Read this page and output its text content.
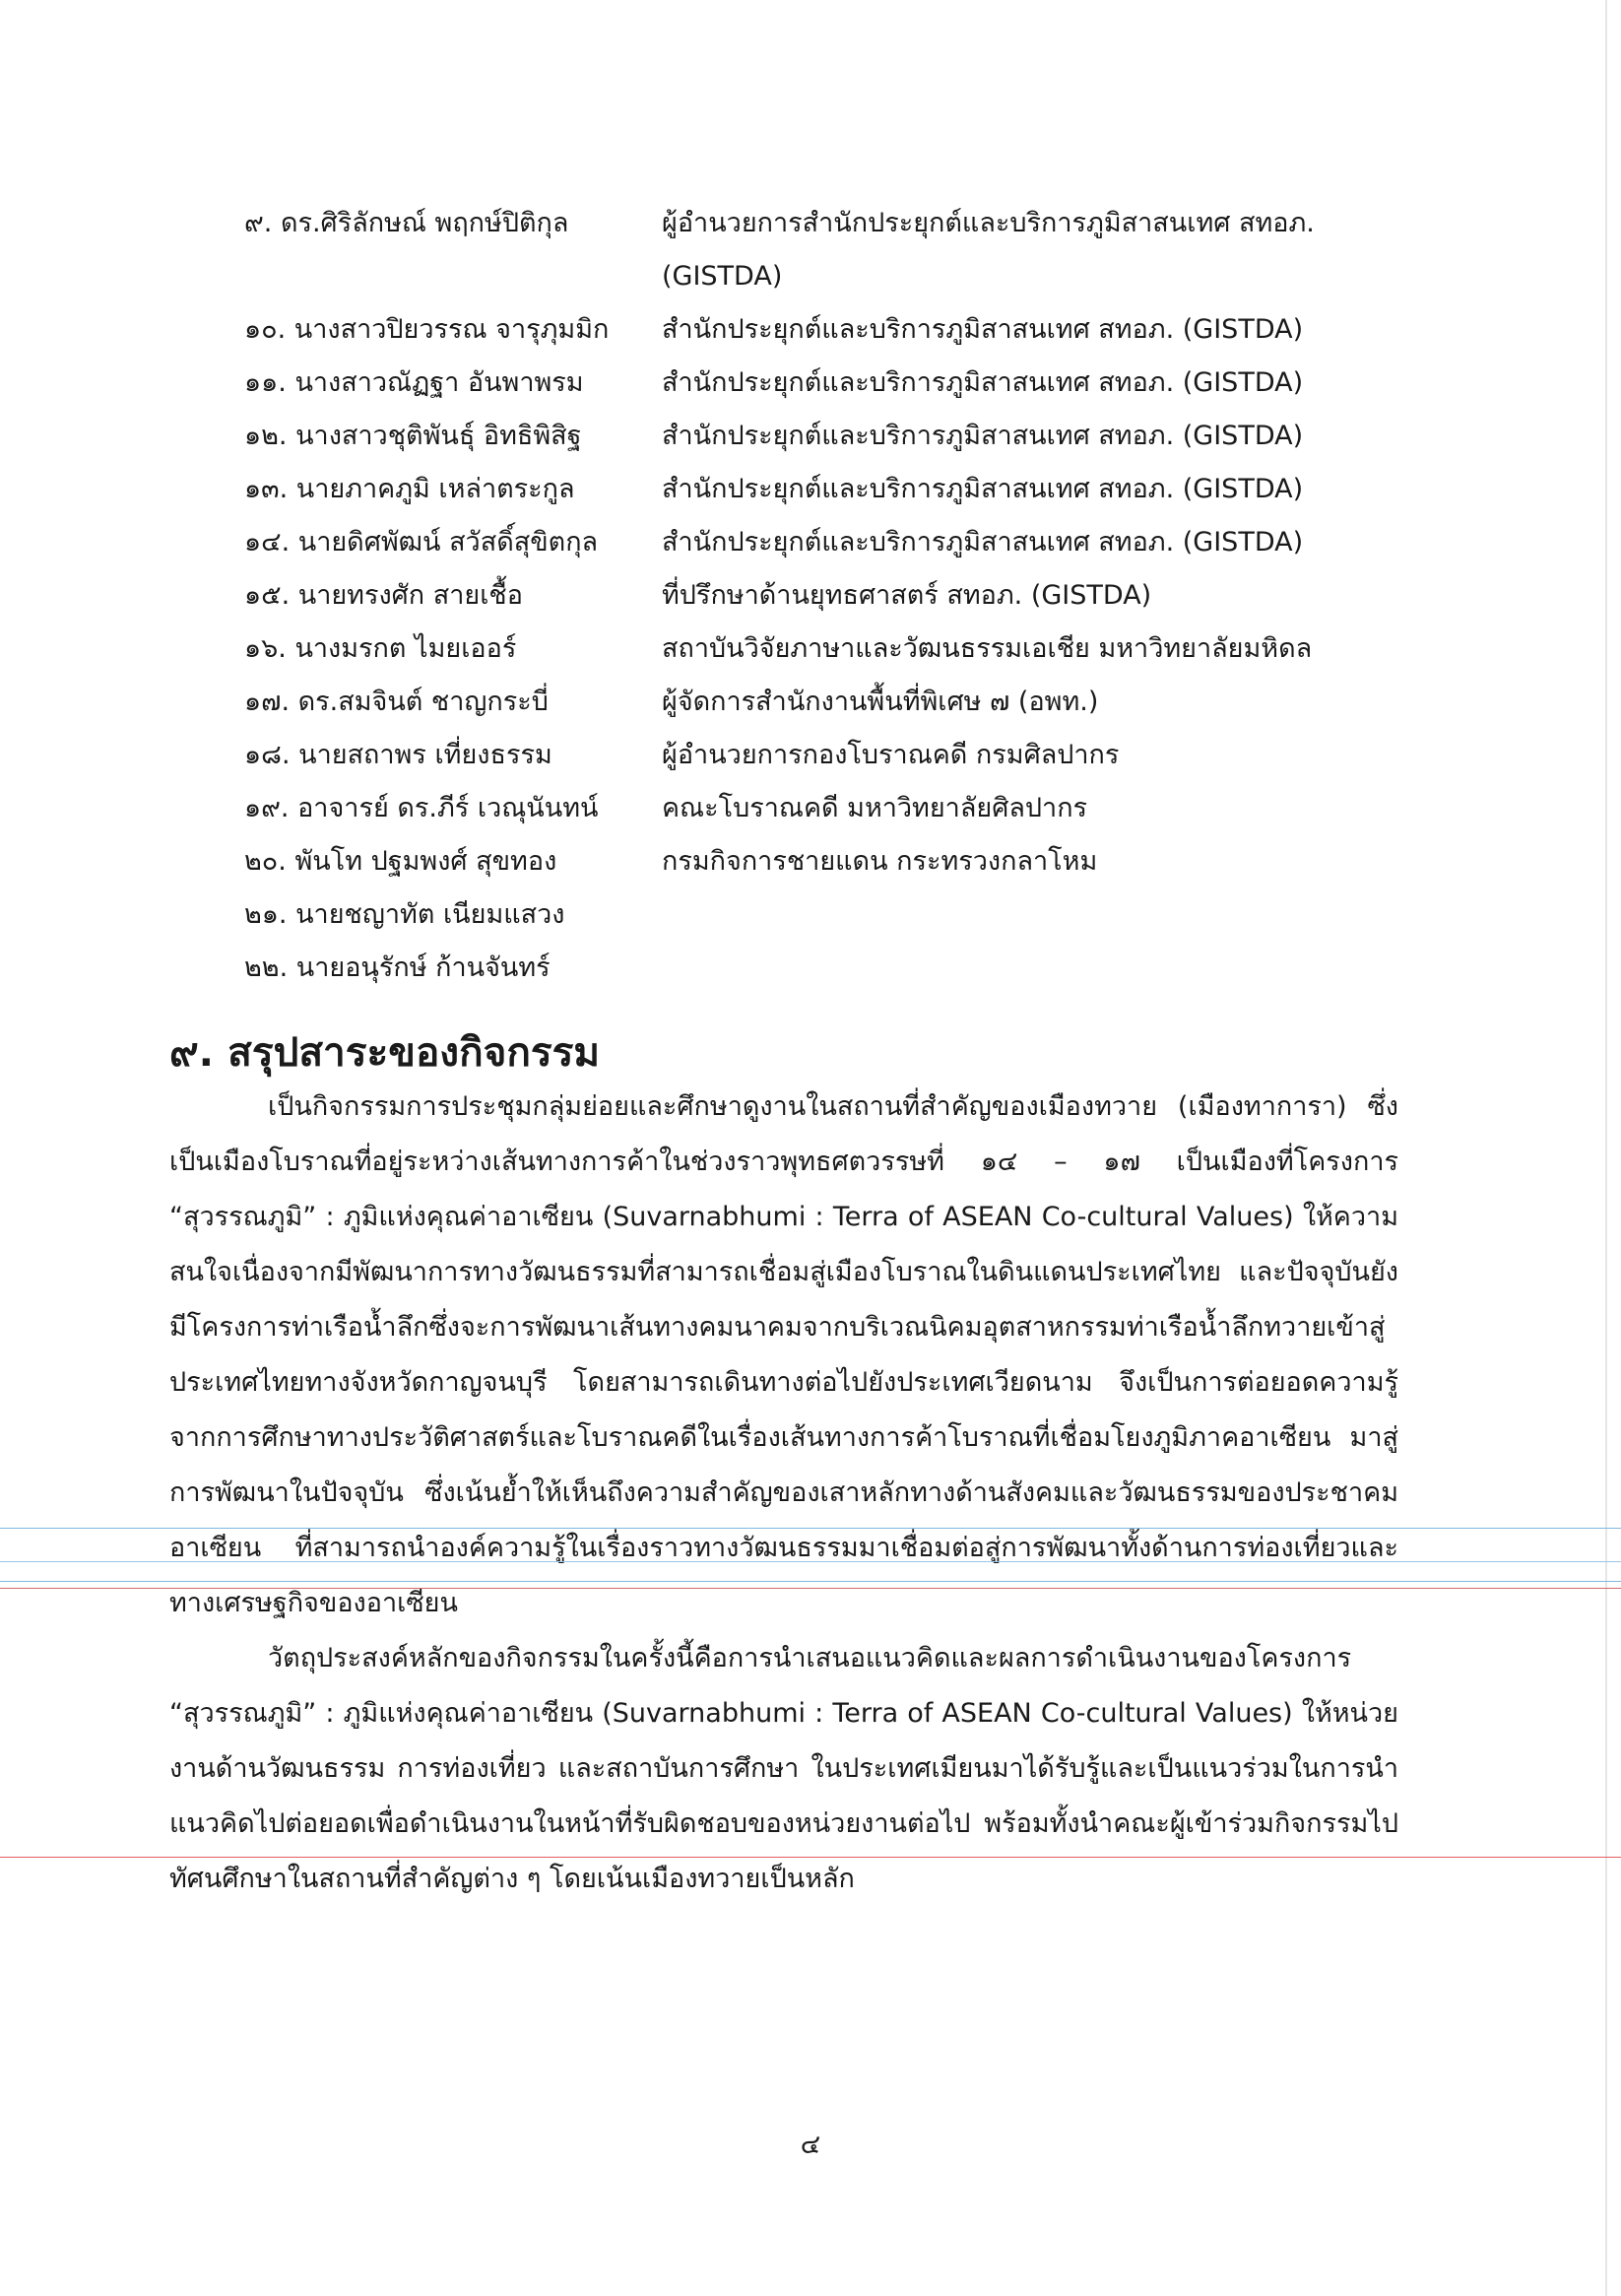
๙. ดร.ศิริลักษณ์ พฤกษ์ปิติกุล	ผู้อำนวยการสำนักประยุกต์และบริการภูมิสาสนเทศ สทอภ.
(GISTDA)
๑๐. นางสาวปิยวรรณ จารุภุมมิก	สำนักประยุกต์และบริการภูมิสาสนเทศ สทอภ. (GISTDA)
๑๑. นางสาวณัฏฐา อันพาพรม	สำนักประยุกต์และบริการภูมิสาสนเทศ สทอภ. (GISTDA)
๑๒. นางสาวชุติพันธุ์ อิทธิพิสิฐ	สำนักประยุกต์และบริการภูมิสาสนเทศ สทอภ. (GISTDA)
๑๓. นายภาคภูมิ เหล่าตระกูล	สำนักประยุกต์และบริการภูมิสาสนเทศ สทอภ. (GISTDA)
๑๔. นายดิศพัฒน์ สวัสดิ์สุขิตกุล	สำนักประยุกต์และบริการภูมิสาสนเทศ สทอภ. (GISTDA)
๑๕. นายทรงศัก สายเชื้อ	ที่ปรึกษาด้านยุทธศาสตร์ สทอภ. (GISTDA)
๑๖. นางมรกต ไมยเออร์	สถาบันวิจัยภาษาและวัฒนธรรมเอเชีย มหาวิทยาลัยมหิดล
๑๗. ดร.สมจินต์ ชาญกระบี่	ผู้จัดการสำนักงานพื้นที่พิเศษ ๗ (อพท.)
๑๘. นายสถาพร เที่ยงธรรม	ผู้อำนวยการกองโบราณคดี กรมศิลปากร
๑๙. อาจารย์ ดร.ภีร์ เวณุนันทน์	คณะโบราณคดี มหาวิทยาลัยศิลปากร
๒๐. พันโท ปฐมพงศ์ สุขทอง	กรมกิจการชายแดน กระทรวงกลาโหม
๒๑. นายชญาทัต เนียมแสวง
๒๒. นายอนุรักษ์ ก้านจันทร์
๙. สรุปสาระของกิจกรรม

เป็นกิจกรรมการประชุมกลุ่มย่อยและศึกษาดูงานในสถานที่สำคัญของเมืองทวาย (เมืองทาการา) ซึ่งเป็นเมืองโบราณที่อยู่ระหว่างเส้นทางการค้าในช่วงราวพุทธศตวรรษที่ ๑๔ – ๑๗ เป็นเมืองที่โครงการ “สุวรรณภูมิ” : ภูมิแห่งคุณค่าอาเซียน (Suvarnabhumi : Terra of ASEAN Co-cultural Values) ให้ความสนใจเนื่องจากมีพัฒนาการทางวัฒนธรรมที่สามารถเชื่อมสู่เมืองโบราณในดินแดนประเทศไทย และปัจจุบันยังมีโครงการท่าเรือน้ำลึกซึ่งจะการพัฒนาเส้นทางคมนาคมจากบริเวณนิคมอุตสาหกรรมท่าเรือน้ำลึกทวายเข้าสู่ประเทศไทยทางจังหวัดกาญจนบุรี โดยสามารถเดินทางต่อไปยังประเทศเวียดนาม จึงเป็นการต่อยอดความรู้จากการศึกษาทางประวัติศาสตร์และโบราณคดีในเรื่องเส้นทางการค้าโบราณที่เชื่อมโยงภูมิภาคอาเซียน มาสู่การพัฒนาในปัจจุบัน ซึ่งเน้นย้ำให้เห็นถึงความสำคัญของเสาหลักทางด้านสังคมและวัฒนธรรมของประชาคมอาเซียน ที่สามารถนำองค์ความรู้ในเรื่องราวทางวัฒนธรรมมาเชื่อมต่อสู่การพัฒนาทั้งด้านการท่องเที่ยวและทางเศรษฐกิจของอาเซียน

วัตถุประสงค์หลักของกิจกรรมในครั้งนี้คือการนำเสนอแนวคิดและผลการดำเนินงานของโครงการ “สุวรรณภูมิ” : ภูมิแห่งคุณค่าอาเซียน (Suvarnabhumi : Terra of ASEAN Co-cultural Values) ให้หน่วยงานด้านวัฒนธรรม การท่องเที่ยว และสถาบันการศึกษา ในประเทศเมียนมาได้รับรู้และเป็นแนวร่วมในการนำแนวคิดไปต่อยอดเพื่อดำเนินงานในหน้าที่รับผิดชอบของหน่วยงานต่อไป พร้อมทั้งนำคณะผู้เข้าร่วมกิจกรรมไปทัศนศึกษาในสถานที่สำคัญต่าง ๆ โดยเน้นเมืองทวายเป็นหลัก

๔
